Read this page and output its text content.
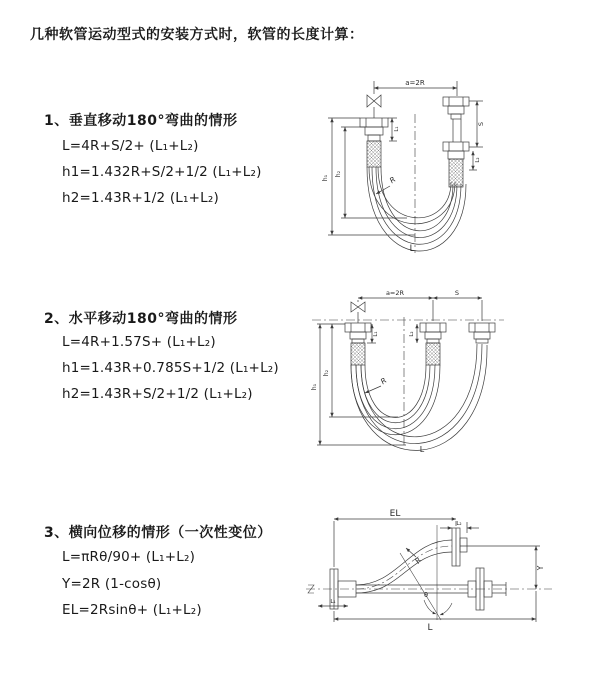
几种软管运动型式的安装方式时，软管的长度计算：
1、垂直移动180°弯曲的情形
L=4R+S/2+ (L₁+L₂)
h1=1.432R+S/2+1/2 (L₁+L₂)
h2=1.43R+1/2 (L₁+L₂)
a=2R
S
L₁
L₂
h₁
h₂
R
L
2、水平移动180°弯曲的情形
L=4R+1.57S+ (L₁+L₂)
h1=1.43R+0.785S+1/2 (L₁+L₂)
h2=1.43R+S/2+1/2 (L₁+L₂)
a=2R	S
L₁	L₂
h₁
h₂
R
L
3、横向位移的情形（一次性变位）
L=πRθ/90+ (L₁+L₂)
Y=2R (1-cosθ)
EL=2Rsinθ+ (L₁+L₂)
EL
L₂
L₁
Y
R
θ
L
